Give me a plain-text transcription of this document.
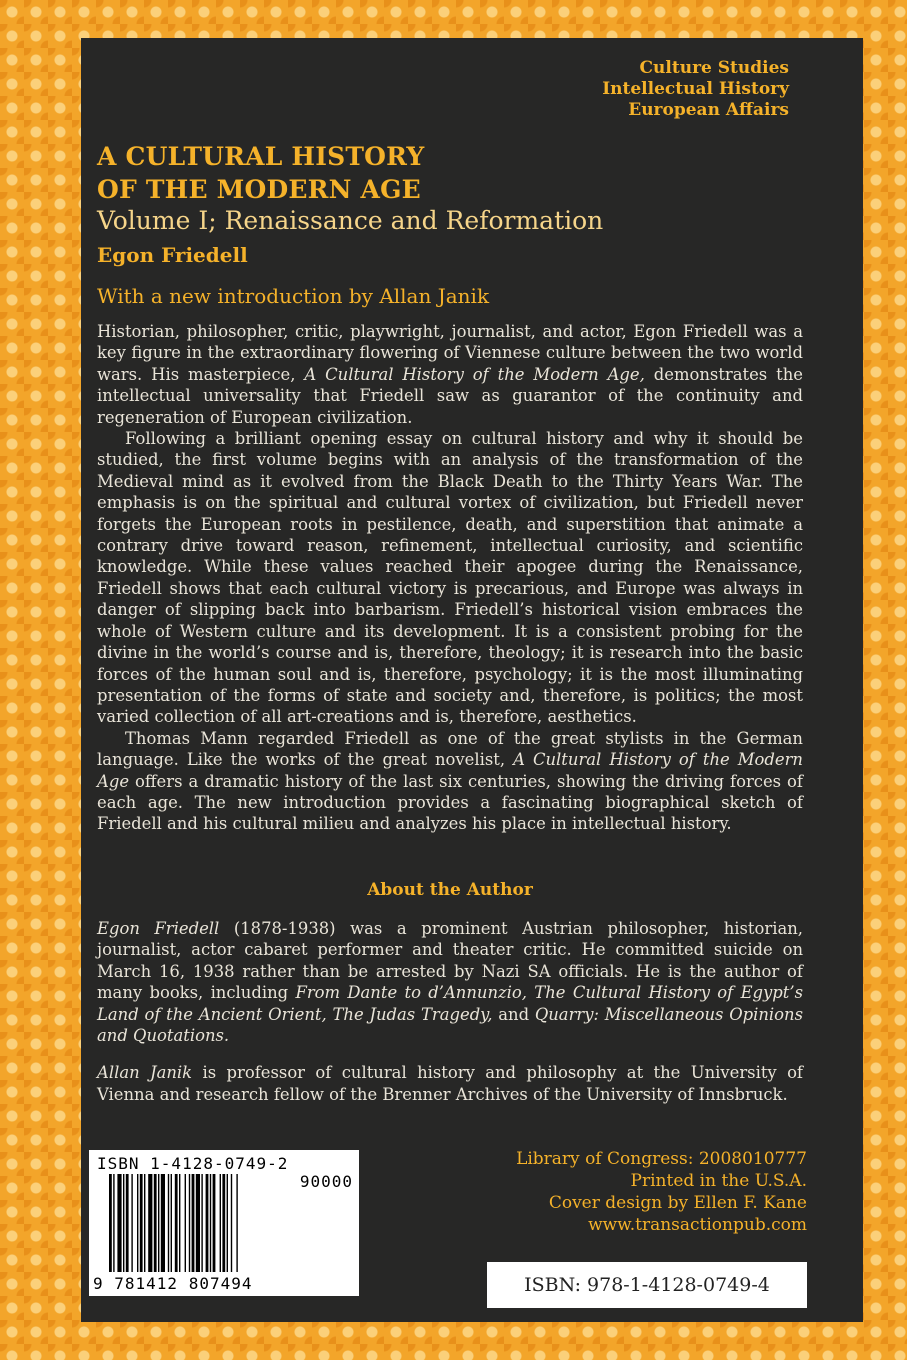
Culture Studies
Intellectual History
European Affairs
A CULTURAL HISTORY
OF THE MODERN AGE
Volume I; Renaissance and Reformation
Egon Friedell
With a new introduction by Allan Janik

Historian, philosopher, critic, playwright, journalist, and actor, Egon Friedell was a key figure in the extraordinary flowering of Viennese culture between the two world wars. His masterpiece, A Cultural History of the Modern Age, demonstrates the intellectual universality that Friedell saw as guarantor of the continuity and regeneration of European civilization.

Following a brilliant opening essay on cultural history and why it should be studied, the first volume begins with an analysis of the transformation of the Medieval mind as it evolved from the Black Death to the Thirty Years War. The emphasis is on the spiritual and cultural vortex of civilization, but Friedell never forgets the European roots in pestilence, death, and superstition that animate a contrary drive toward reason, refinement, intellectual curiosity, and scientific knowledge. While these values reached their apogee during the Renaissance, Friedell shows that each cultural victory is precarious, and Europe was always in danger of slipping back into barbarism. Friedell’s historical vision embraces the whole of Western culture and its development. It is a consistent probing for the divine in the world’s course and is, therefore, theology; it is research into the basic forces of the human soul and is, therefore, psychology; it is the most illuminating presentation of the forms of state and society and, therefore, is politics; the most varied collection of all art-creations and is, therefore, aesthetics.

Thomas Mann regarded Friedell as one of the great stylists in the German language. Like the works of the great novelist, A Cultural History of the Modern Age offers a dramatic history of the last six centuries, showing the driving forces of each age. The new introduction provides a fascinating biographical sketch of Friedell and his cultural milieu and analyzes his place in intellectual history.

About the Author

Egon Friedell (1878-1938) was a prominent Austrian philosopher, historian, journalist, actor cabaret performer and theater critic. He committed suicide on March 16, 1938 rather than be arrested by Nazi SA officials. He is the author of many books, including From Dante to d’Annunzio, The Cultural History of Egypt’s Land of the Ancient Orient, The Judas Tragedy, and Quarry: Miscellaneous Opinions and Quotations.

Allan Janik is professor of cultural history and philosophy at the University of Vienna and research fellow of the Brenner Archives of the University of Innsbruck.

ISBN 1-4128-0749-2
90000
9 781412 807494
Library of Congress: 2008010777
Printed in the U.S.A.
Cover design by Ellen F. Kane
www.transactionpub.com
ISBN: 978-1-4128-0749-4
